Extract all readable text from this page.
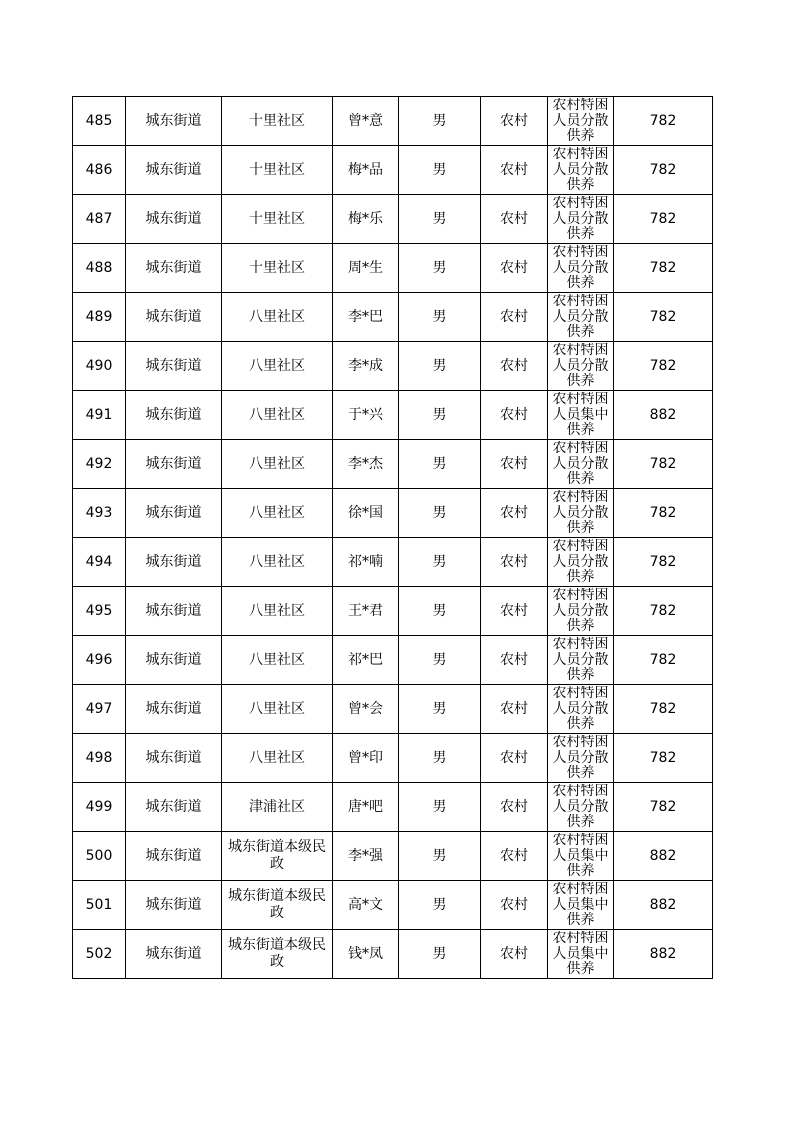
485	城东街道	十里社区	曾*意	男	农村	农村特困人员分散供养	782
486	城东街道	十里社区	梅*品	男	农村	农村特困人员分散供养	782
487	城东街道	十里社区	梅*乐	男	农村	农村特困人员分散供养	782
488	城东街道	十里社区	周*生	男	农村	农村特困人员分散供养	782
489	城东街道	八里社区	李*巴	男	农村	农村特困人员分散供养	782
490	城东街道	八里社区	李*成	男	农村	农村特困人员分散供养	782
491	城东街道	八里社区	于*兴	男	农村	农村特困人员集中供养	882
492	城东街道	八里社区	李*杰	男	农村	农村特困人员分散供养	782
493	城东街道	八里社区	徐*国	男	农村	农村特困人员分散供养	782
494	城东街道	八里社区	祁*喃	男	农村	农村特困人员分散供养	782
495	城东街道	八里社区	王*君	男	农村	农村特困人员分散供养	782
496	城东街道	八里社区	祁*巴	男	农村	农村特困人员分散供养	782
497	城东街道	八里社区	曾*会	男	农村	农村特困人员分散供养	782
498	城东街道	八里社区	曾*印	男	农村	农村特困人员分散供养	782
499	城东街道	津浦社区	唐*吧	男	农村	农村特困人员分散供养	782
500	城东街道	城东街道本级民政	李*强	男	农村	农村特困人员集中供养	882
501	城东街道	城东街道本级民政	高*文	男	农村	农村特困人员集中供养	882
502	城东街道	城东街道本级民政	钱*凤	男	农村	农村特困人员集中供养	882
